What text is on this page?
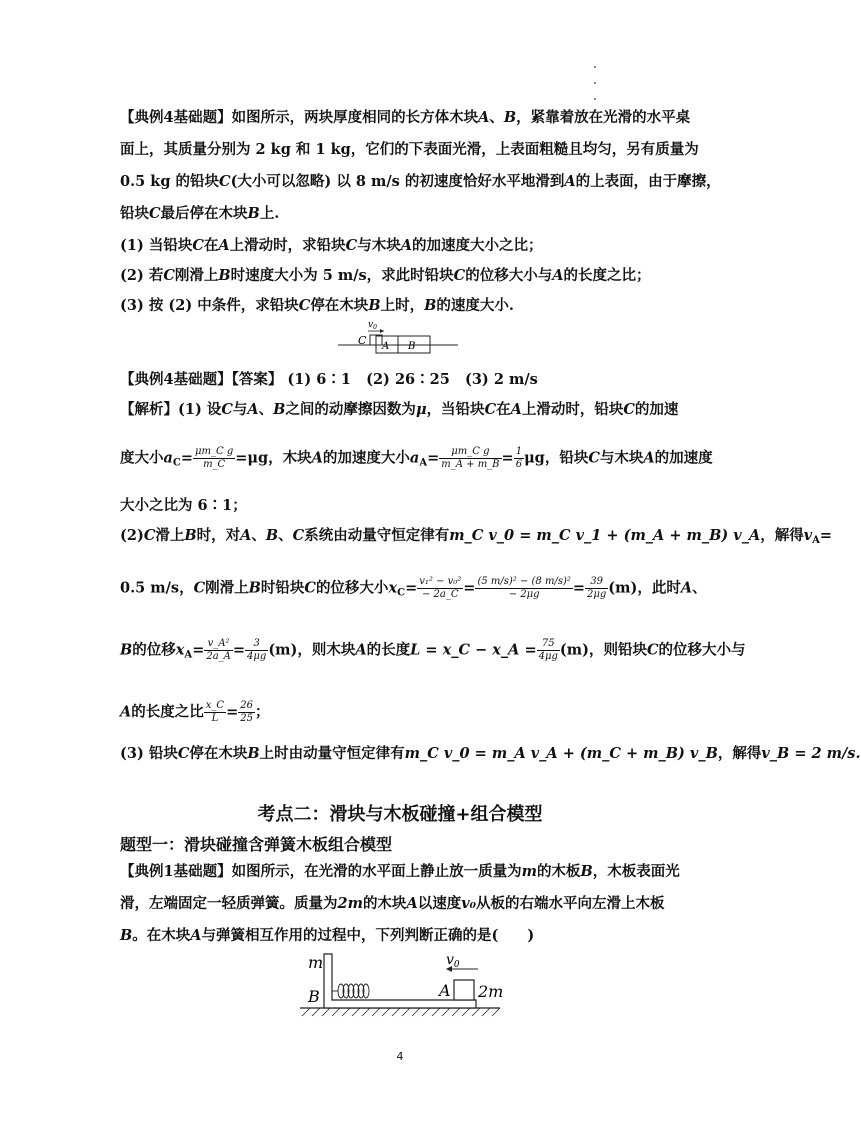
【典例4基础题】如图所示，两块厚度相同的长方体木块A、B，紧靠着放在光滑的水平桌
面上，其质量分别为 2 kg 和 1 kg，它们的下表面光滑，上表面粗糙且均匀，另有质量为
0.5 kg 的铅块C(大小可以忽略) 以 8 m/s 的初速度恰好水平地滑到A的上表面，由于摩擦，
铅块C最后停在木块B上.
(1) 当铅块C在A上滑动时，求铅块C与木块A的加速度大小之比；
(2) 若C刚滑上B时速度大小为 5 m/s，求此时铅块C的位移大小与A的长度之比；
(3) 按 (2) 中条件，求铅块C停在木块B上时，B的速度大小.
C
$v_0$
A B
【典例4基础题】【答案】 (1) 6∶1 (2) 26∶25 (3) 2 m/s
【解析】(1) 设C与A、B之间的动摩擦因数为μ，当铅块C在A上滑动时，铅块C的加速
度大小$a_C= \frac{\text{μm\_C g}}{m\_C} =\mu g$，木块A的加速度大小$a_A= \frac{\text{μm\_C g}}{m\_A + m\_B} = \frac{1}{6}$ μg，铅块C与木块A的加速度
大小之比为 6∶1；
(2)C滑上B时，对A、B、C系统由动量守恒定律有m_C v_0 = m_C v_1 + (m_A + m_B) v_A，解得$v_A=$
0.5 m/s，C刚滑上B时铅块C的位移大小$x_C= \frac{\text{v₁² − v₀²}}{- 2a\_C} = \frac{\text{(5 m/s)² − (8 m/s)²}}{- 2\mu g} = \frac{39}{2\mu g} (m)$，此时A、
B的位移$x_A= \frac{\text{v\_A²}}{2a\_A} = \frac{3}{4\mu g} (m)$，则木块A的长度L = x_C − x_A = $\frac{75}{4\mu g} (m)$，则铅块C的位移大小与
A的长度之比 $\frac{x\_C}{L} = \frac{26}{25}$ ；
(3) 铅块C停在木块B上时由动量守恒定律有m_C v_0 = m_A v_A + (m_C + m_B) v_B，解得v_B = 2 m/s.
考点二：滑块与木板碰撞+组合模型
题型一：滑块碰撞含弹簧木板组合模型
【典例1基础题】如图所示，在光滑的水平面上静止放一质量为m的木板B，木板表面光
滑，左端固定一轻质弹簧。质量为2m的木块A以速度v₀从板的右端水平向左滑上木板
B。在木块A与弹簧相互作用的过程中，下列判断正确的是(　　)
$v_0$
m
B	A 2m
4
